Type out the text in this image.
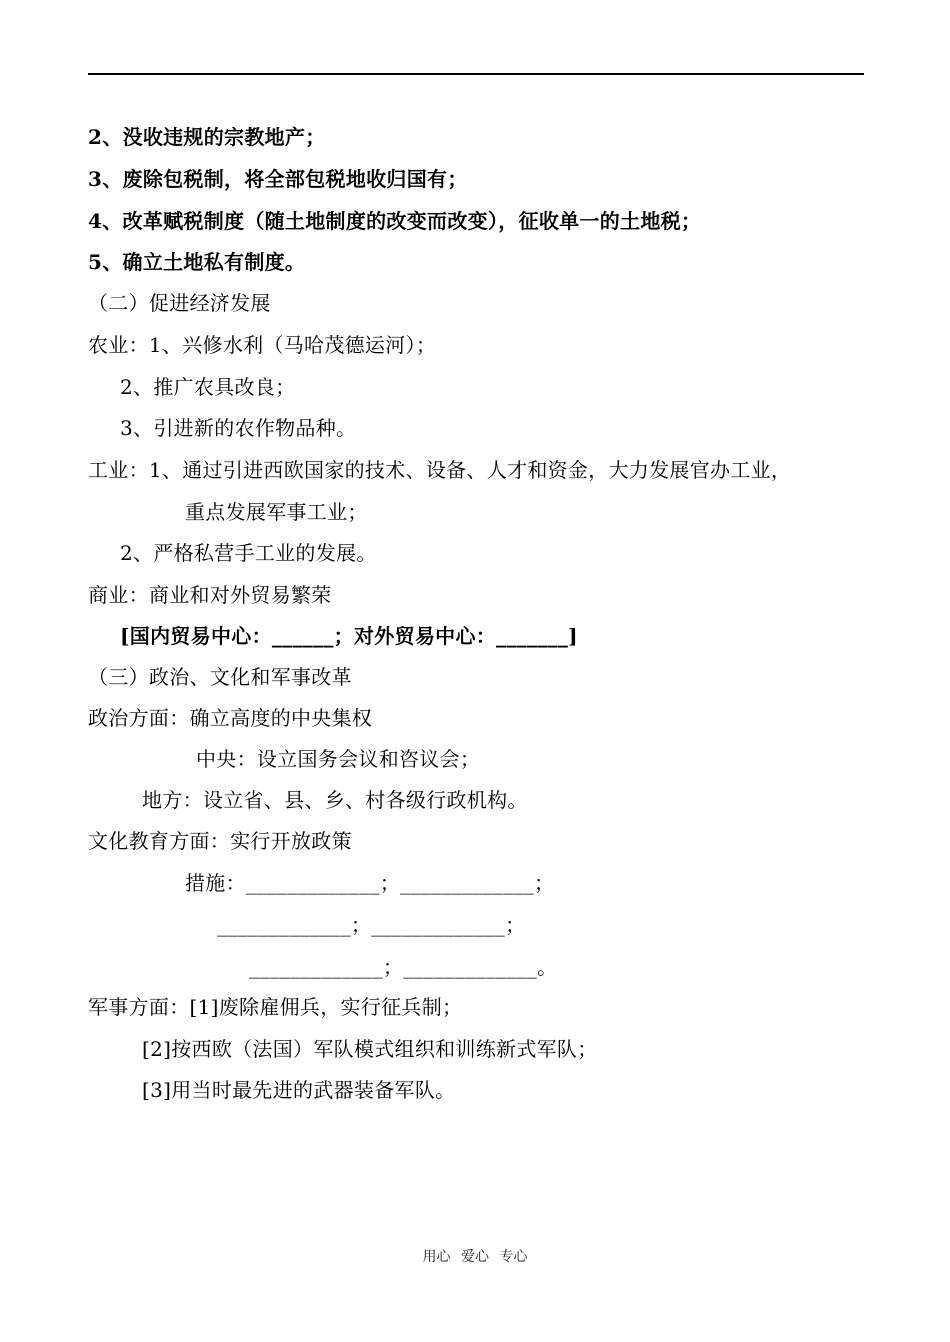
2、没收违规的宗教地产；
3、废除包税制，将全部包税地收归国有；
4、改革赋税制度（随土地制度的改变而改变），征收单一的土地税；
5、确立土地私有制度。
（二）促进经济发展
农业：1、兴修水利（马哈茂德运河）；
2、推广农具改良；
3、引进新的农作物品种。
工业：1、通过引进西欧国家的技术、设备、人才和资金，大力发展官办工业，
重点发展军事工业；
2、严格私营手工业的发展。
商业：商业和对外贸易繁荣
[国内贸易中心：______；对外贸易中心：_______]
（三）政治、文化和军事改革
政治方面：确立高度的中央集权
中央：设立国务会议和咨议会；
地方：设立省、县、乡、村各级行政机构。
文化教育方面：实行开放政策
措施：_____________；_____________；
_____________；_____________；
_____________；_____________。
军事方面：[1]废除雇佣兵，实行征兵制；
[2]按西欧（法国）军队模式组织和训练新式军队；
[3]用当时最先进的武器装备军队。
用心 爱心 专心
